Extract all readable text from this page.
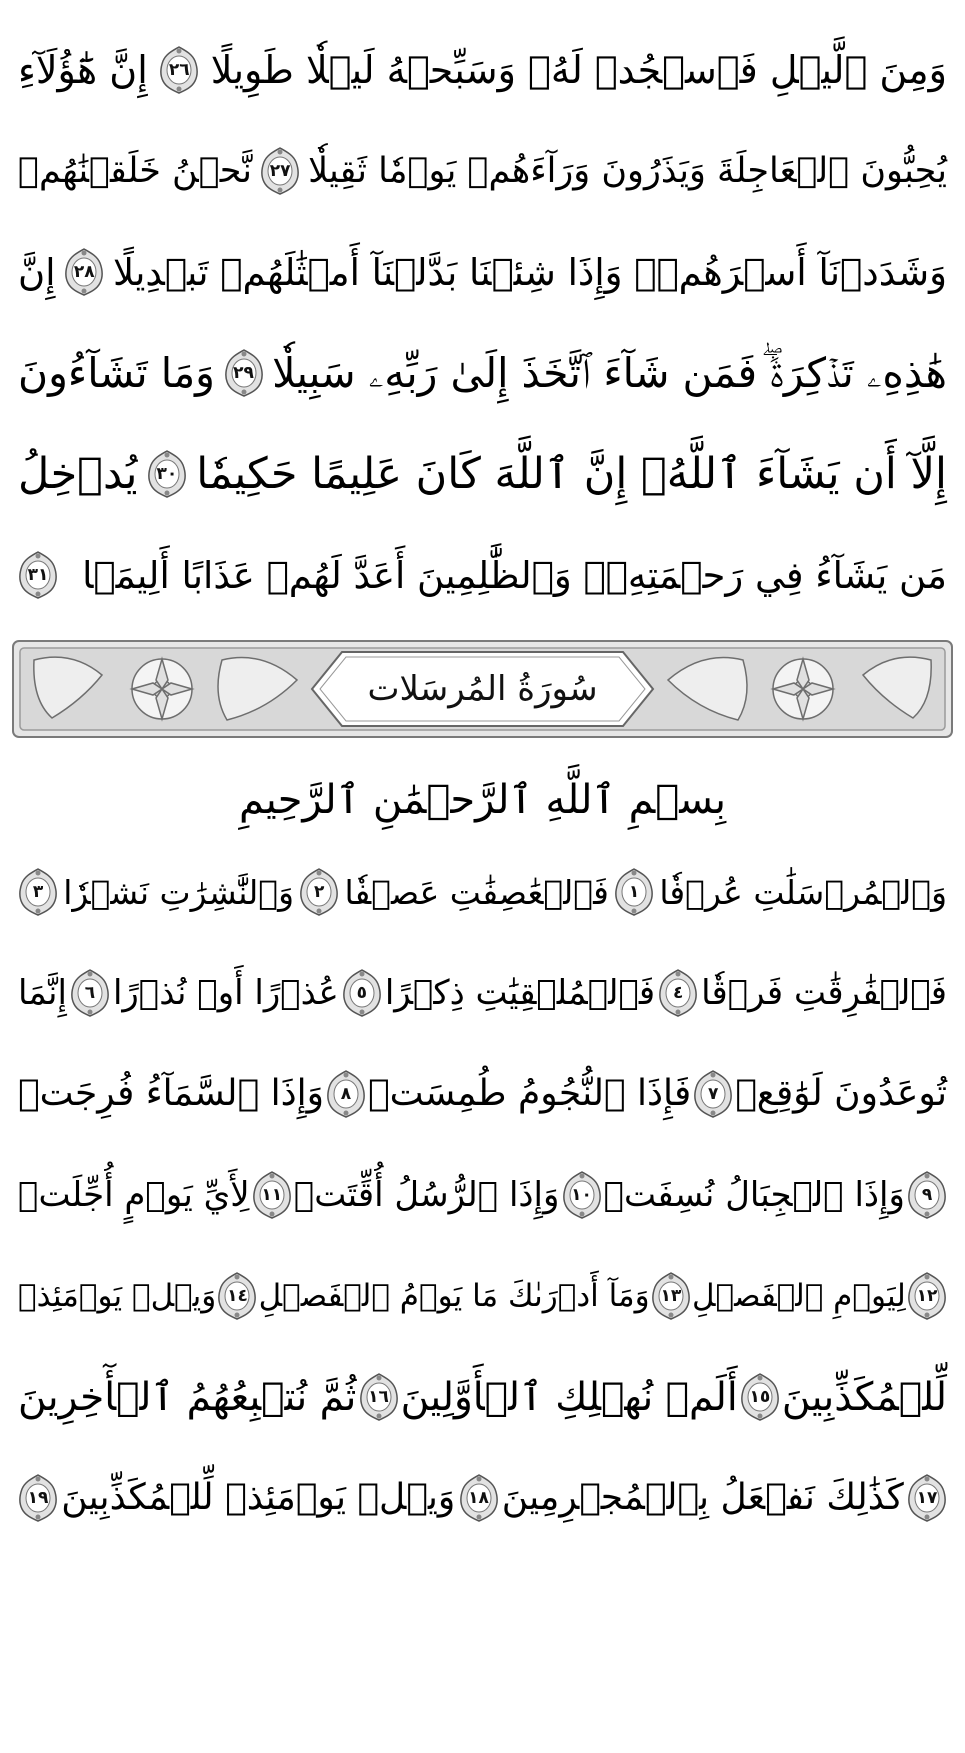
وَمِنَ ٱلَّيۡلِ فَٱسۡجُدۡ لَهُۥ وَسَبِّحۡهُ لَيۡلٗا طَوِيلًا
٢٦
إِنَّ هَٰٓؤُلَآءِ
يُحِبُّونَ ٱلۡعَاجِلَةَ وَيَذَرُونَ وَرَآءَهُمۡ يَوۡمٗا ثَقِيلٗا
٢٧
نَّحۡنُ خَلَقۡنَٰهُمۡ
وَشَدَدۡنَآ أَسۡرَهُمۡۖ وَإِذَا شِئۡنَا بَدَّلۡنَآ أَمۡثَٰلَهُمۡ تَبۡدِيلًا
٢٨
إِنَّ
هَٰذِهِۦ تَذۡكِرَةٞۖ فَمَن شَآءَ ٱتَّخَذَ إِلَىٰ رَبِّهِۦ سَبِيلٗا
٢٩
وَمَا تَشَآءُونَ
إِلَّآ أَن يَشَآءَ ٱللَّهُۚ إِنَّ ٱللَّهَ كَانَ عَلِيمًا حَكِيمٗا
٣٠
يُدۡخِلُ
مَن يَشَآءُ فِي رَحۡمَتِهِۦۚ وَٱلظَّٰلِمِينَ أَعَدَّ لَهُمۡ عَذَابًا أَلِيمَۢا
٣١
سُورَةُ المُرسَلات
بِسۡمِ ٱللَّهِ ٱلرَّحۡمَٰنِ ٱلرَّحِيمِ
وَٱلۡمُرۡسَلَٰتِ عُرۡفٗا
١
فَٱلۡعَٰصِفَٰتِ عَصۡفٗا
٢
وَٱلنَّٰشِرَٰتِ نَشۡرٗا
٣
فَٱلۡفَٰرِقَٰتِ فَرۡقٗا
٤
فَٱلۡمُلۡقِيَٰتِ ذِكۡرًا
٥
عُذۡرًا أَوۡ نُذۡرًا
٦
إِنَّمَا
تُوعَدُونَ لَوَٰقِعٞ
٧
فَإِذَا ٱلنُّجُومُ طُمِسَتۡ
٨
وَإِذَا ٱلسَّمَآءُ فُرِجَتۡ
٩
وَإِذَا ٱلۡجِبَالُ نُسِفَتۡ
١٠
وَإِذَا ٱلرُّسُلُ أُقِّتَتۡ
١١
لِأَيِّ يَوۡمٍ أُجِّلَتۡ
١٢
لِيَوۡمِ ٱلۡفَصۡلِ
١٣
وَمَآ أَدۡرَىٰكَ مَا يَوۡمُ ٱلۡفَصۡلِ
١٤
وَيۡلٞ يَوۡمَئِذٖ
لِّلۡمُكَذِّبِينَ
١٥
أَلَمۡ نُهۡلِكِ ٱلۡأَوَّلِينَ
١٦
ثُمَّ نُتۡبِعُهُمُ ٱلۡأٓخِرِينَ
١٧
كَذَٰلِكَ نَفۡعَلُ بِٱلۡمُجۡرِمِينَ
١٨
وَيۡلٞ يَوۡمَئِذٖ لِّلۡمُكَذِّبِينَ
١٩
